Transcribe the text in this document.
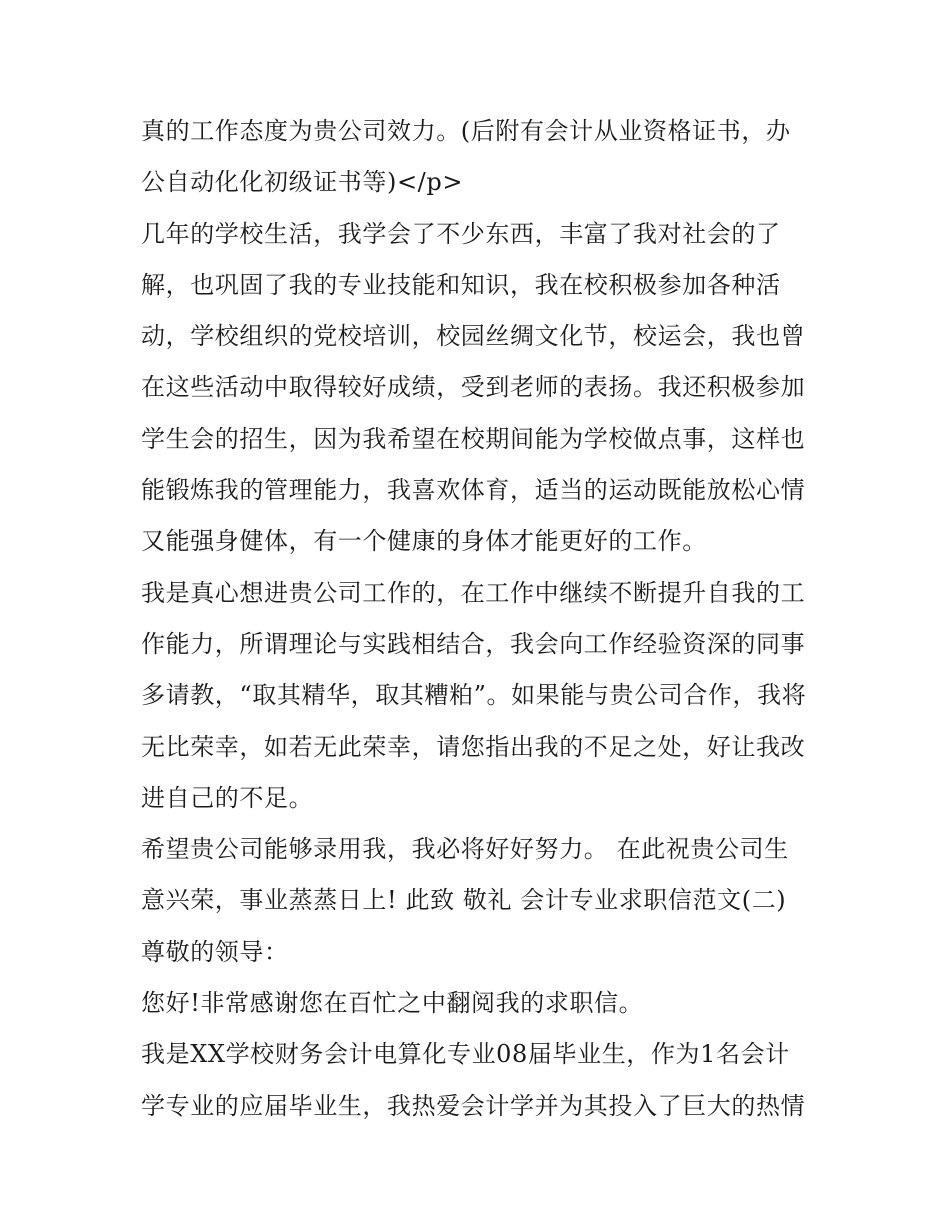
真的工作态度为贵公司效力。(后附有会计从业资格证书，办
公自动化化初级证书等)</p>
几年的学校生活，我学会了不少东西，丰富了我对社会的了
解，也巩固了我的专业技能和知识，我在校积极参加各种活
动，学校组织的党校培训，校园丝绸文化节，校运会，我也曾
在这些活动中取得较好成绩，受到老师的表扬。我还积极参加
学生会的招生，因为我希望在校期间能为学校做点事，这样也
能锻炼我的管理能力，我喜欢体育，适当的运动既能放松心情
又能强身健体，有一个健康的身体才能更好的工作。
我是真心想进贵公司工作的，在工作中继续不断提升自我的工
作能力，所谓理论与实践相结合，我会向工作经验资深的同事
多请教，“取其精华，取其糟粕”。如果能与贵公司合作，我将
无比荣幸，如若无此荣幸，请您指出我的不足之处，好让我改
进自己的不足。
希望贵公司能够录用我，我必将好好努力。 在此祝贵公司生
意兴荣，事业蒸蒸日上! 此致 敬礼 会计专业求职信范文(二)
尊敬的领导：
您好!非常感谢您在百忙之中翻阅我的求职信。
我是XX学校财务会计电算化专业08届毕业生，作为1名会计
学专业的应届毕业生，我热爱会计学并为其投入了巨大的热情
